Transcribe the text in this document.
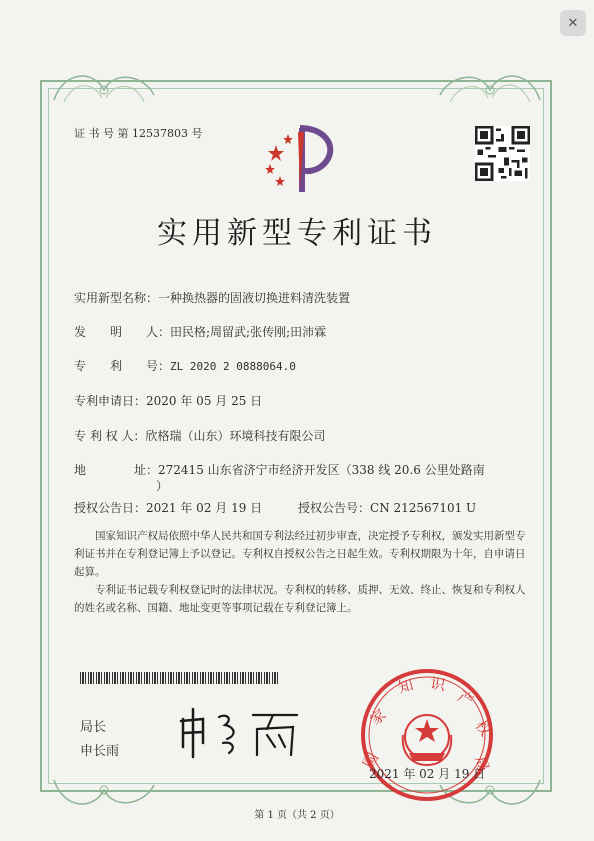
✕
证 书 号 第 12537803 号
实用新型专利证书
实用新型名称：一种换热器的固液切换进料清洗装置
发　　明　　人：田民格;周留武;张传刚;田沛霖
专　　利　　号：ZL 2020 2 0888064.0
专利申请日：2020 年 05 月 25 日
专 利 权 人：欣格瑞（山东）环境科技有限公司
地　　　　址：272415 山东省济宁市经济开发区（338 线 20.6 公里处路南
）
授权公告日：2021 年 02 月 19 日	授权公告号：CN 212567101 U
国家知识产权局依照中华人民共和国专利法经过初步审查，决定授予专利权，颁发实用新型专利证书并在专利登记簿上予以登记。专利权自授权公告之日起生效。专利权期限为十年，自申请日起算。
专利证书记载专利权登记时的法律状况。专利权的转移、质押、无效、终止、恢复和专利权人的姓名或名称、国籍、地址变更等事项记载在专利登记簿上。
局长
申长雨	国
家
知 识
产
权
局
2021 年 02 月 19 日
第 1 页（共 2 页）
